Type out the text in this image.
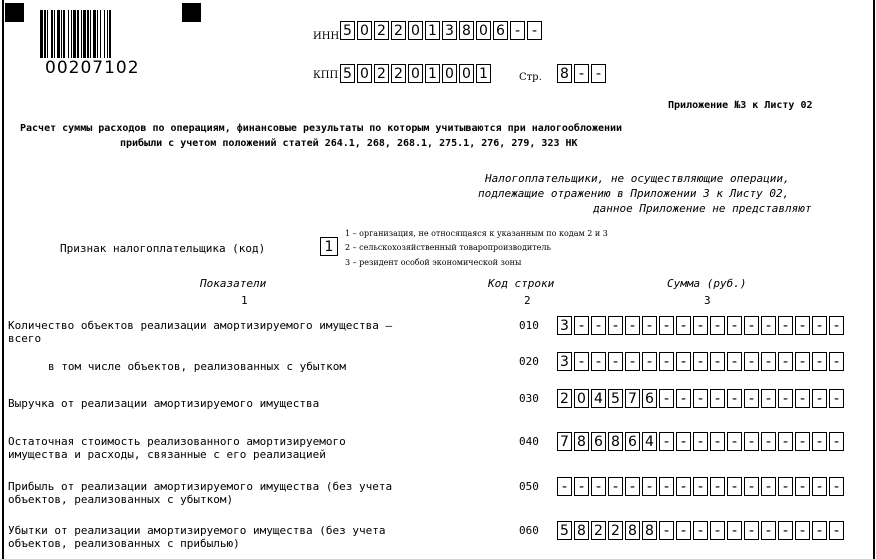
00207102
ИНН 5 0 2 2 0 1 3 8 0 6 - -
КПП 5 0 2 2 0 1 0 0 1	Стр. 8 - -
Приложение №3 к Листу 02
Расчет суммы расходов по операциям, финансовые результаты по которым учитываются при налогообложении
прибыли с учетом положений статей 264.1, 268, 268.1, 275.1, 276, 279, 323 НК
Налогоплательщики, не осуществляющие операции,
подлежащие отражению в Приложении 3 к Листу 02,
данное Приложение не представляют
Признак налогоплательщика (код)	1
1 – организация, не относящаяся к указанным по кодам 2 и 3
2 – сельскохозяйственный товаропроизводитель
3 – резидент особой экономической зоны
Показатели	Код строки	Сумма (руб.)
1	2	3
Количество объектов реализации амортизируемого имущества –
всего
010 3 - - - - - - - - - - - - - - - -
в том числе объектов, реализованных с убытком	020 3 - - - - - - - - - - - - - - - -
Выручка от реализации амортизируемого имущества	030 2 0 4 5 7 6 - - - - - - - - - - -
Остаточная стоимость реализованного амортизируемого
имущества и расходы, связанные с его реализацией
040 7 8 6 8 6 4 - - - - - - - - - - -
Прибыль от реализации амортизируемого имущества (без учета
объектов, реализованных с убытком)
050	- - - - - - - - - - - - - - - - -
Убытки от реализации амортизируемого имущества (без учета
объектов, реализованных с прибылью)
060 5 8 2 2 8 8 - - - - - - - - - - -
